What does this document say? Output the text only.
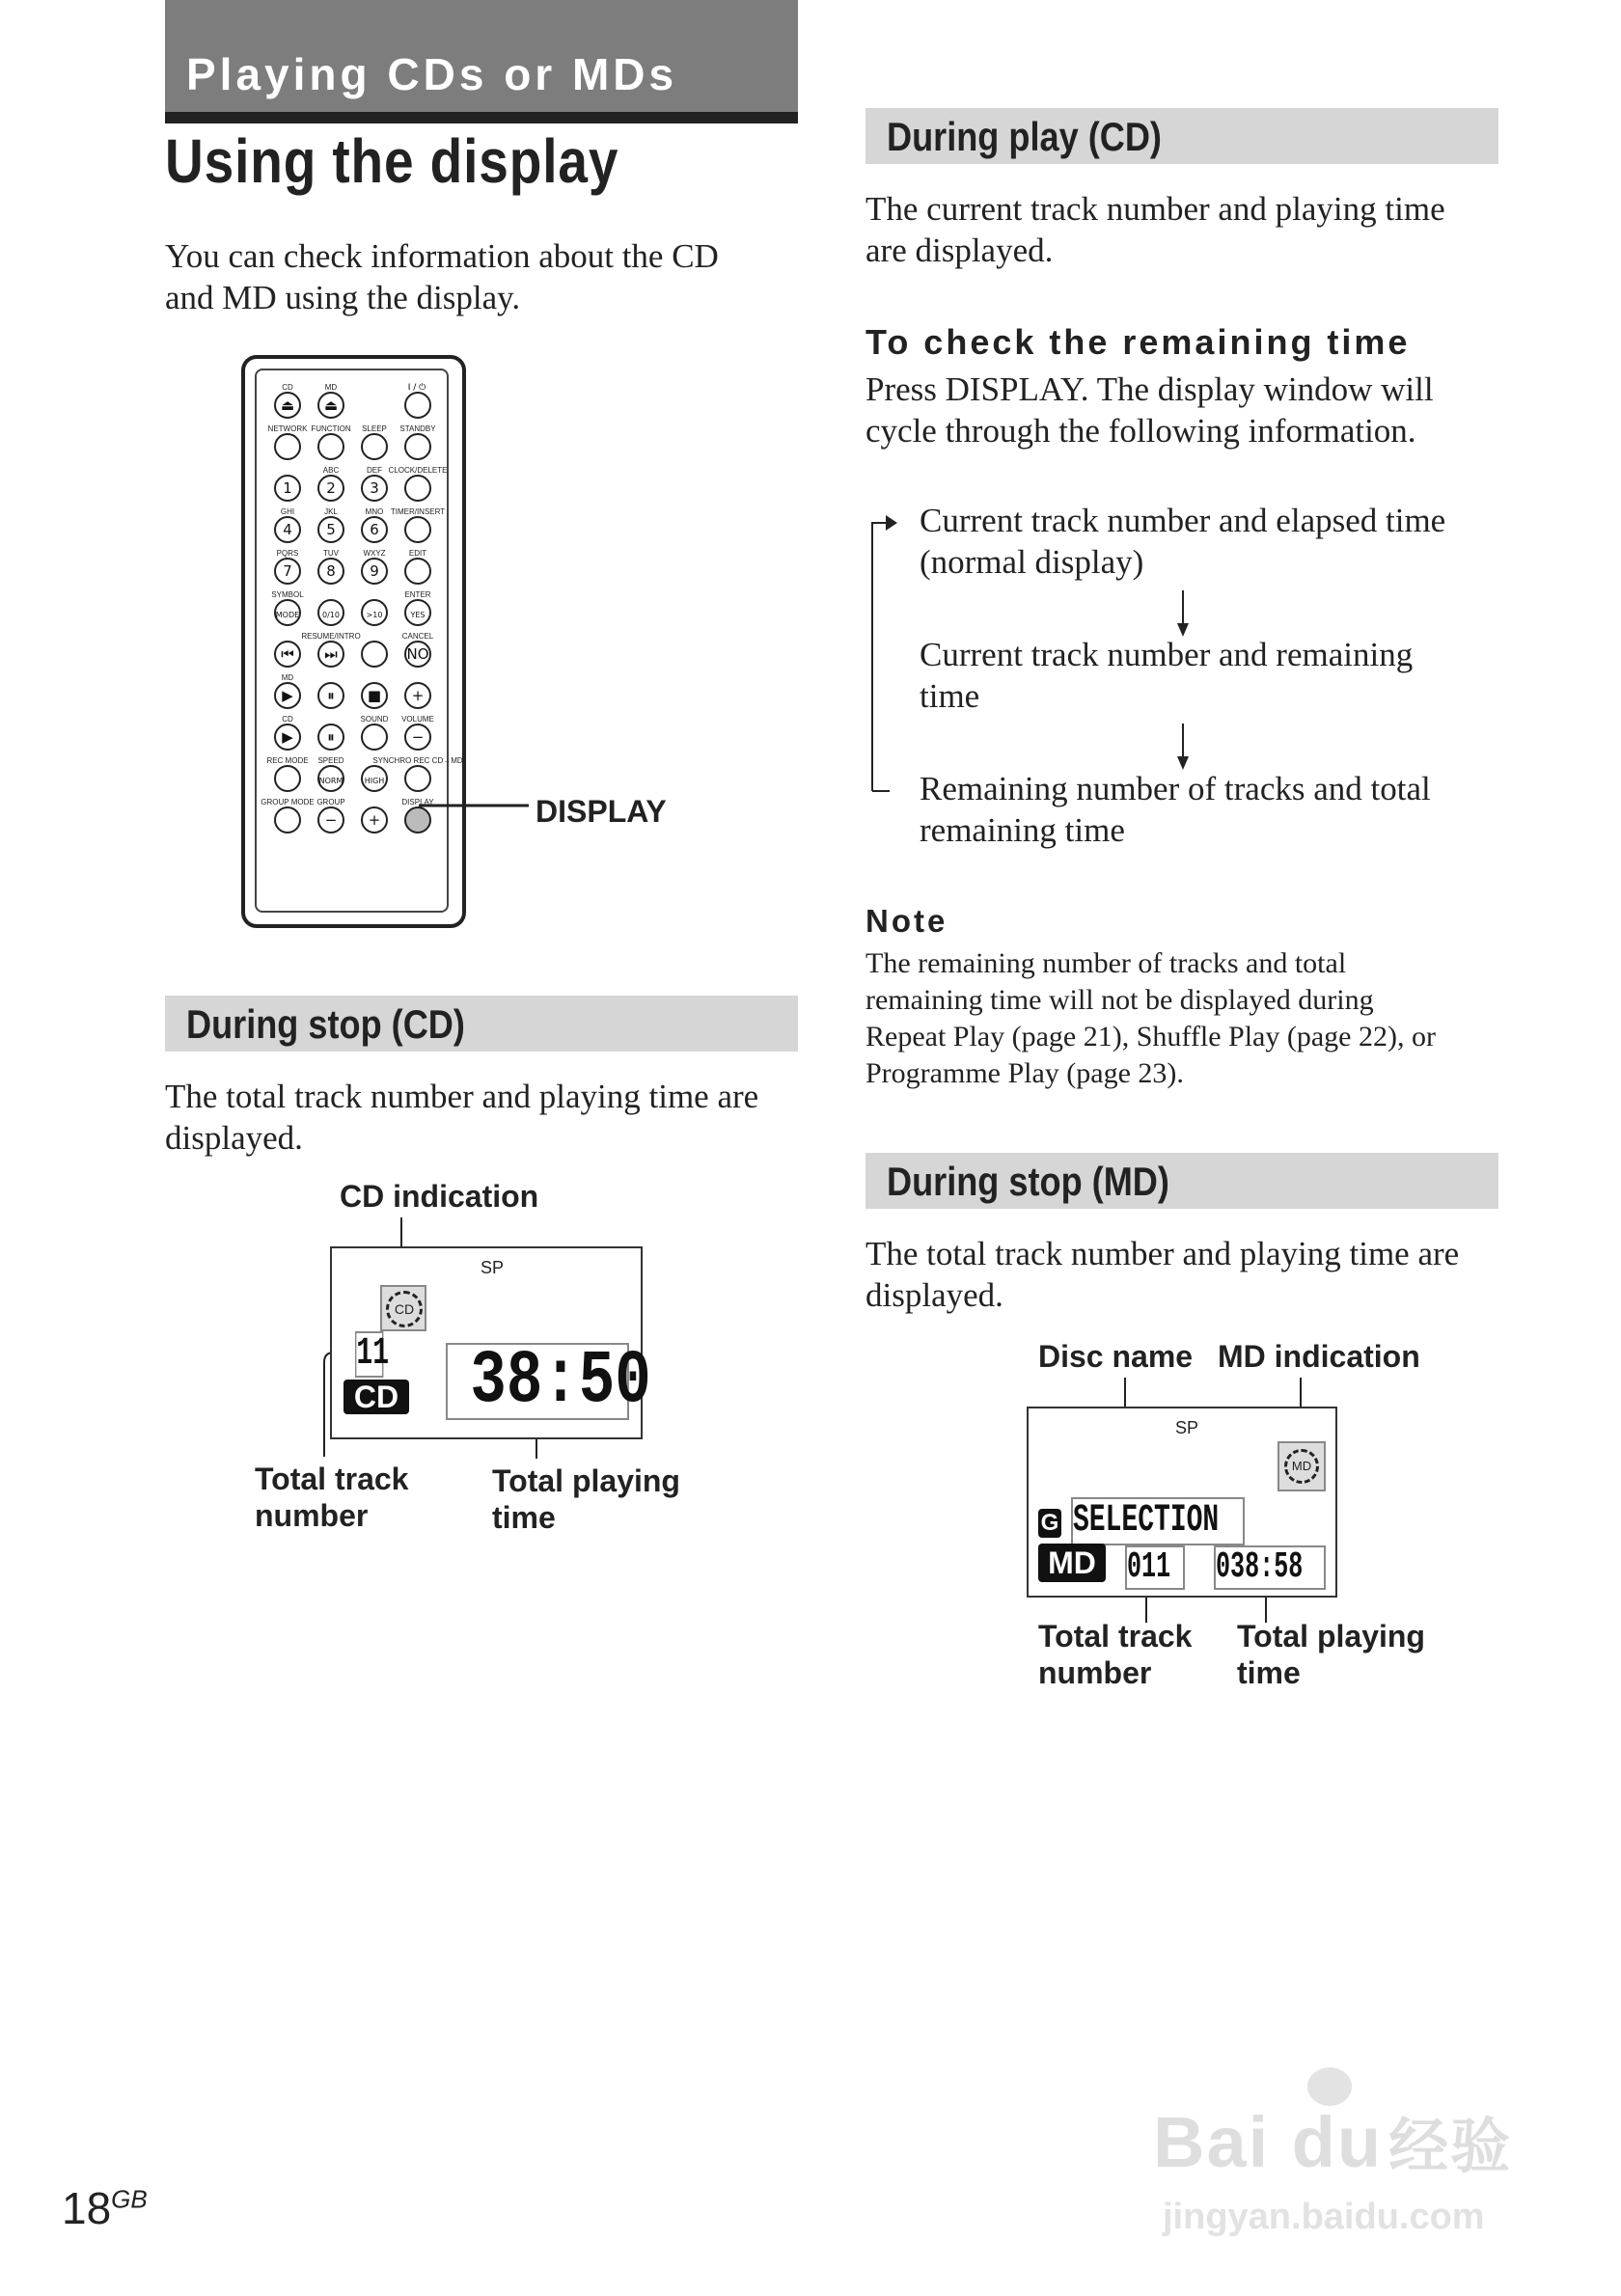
Playing CDs or MDs
Using the display
You can check information about the CD
and MD using the display.
⏏
CD
⏏
MD	I / ⏻
NETWORK FUNCTION SLEEP STANDBY
1 2
ABC
3
DEF CLOCK/DELETE
4
GHI
5
JKL
6
MNO TIMER/INSERT
7
PQRS
8
TUV
9
WXYZ	EDIT
MODE
SYMBOL
0/10	>10	YES
ENTER
⏮ ⏭
RESUME/INTRO
NO
CANCEL
▶
MD
⏸ ■ +
▶
CD
⏸
SOUND
−
VOLUME
REC MODE
NORM
SPEED
HIGH
SYNCHRO REC CD→MD
GROUP MODE
−
GROUP
+
DISPLAY	DISPLAY
During stop (CD)
The total track number and playing time are
displayed.
CD indication
SP
CD
11
CD 38:50
Total track
number
Total playing
time
During play (CD)
The current track number and playing time
are displayed.
To check the remaining time
Press DISPLAY. The display window will
cycle through the following information.
Current track number and elapsed time
(normal display)
Current track number and remaining
time
Remaining number of tracks and total
remaining time
Note
The remaining number of tracks and total
remaining time will not be displayed during
Repeat Play (page 21), Shuffle Play (page 22), or
Programme Play (page 23).
During stop (MD)
The total track number and playing time are
displayed.
Disc name MD indication
SP
MD
G SELECTION
MD 011	038:58
Total track
number
Total playing
time
$18^{GB}$
Bai du经验
jingyan.baidu.com
